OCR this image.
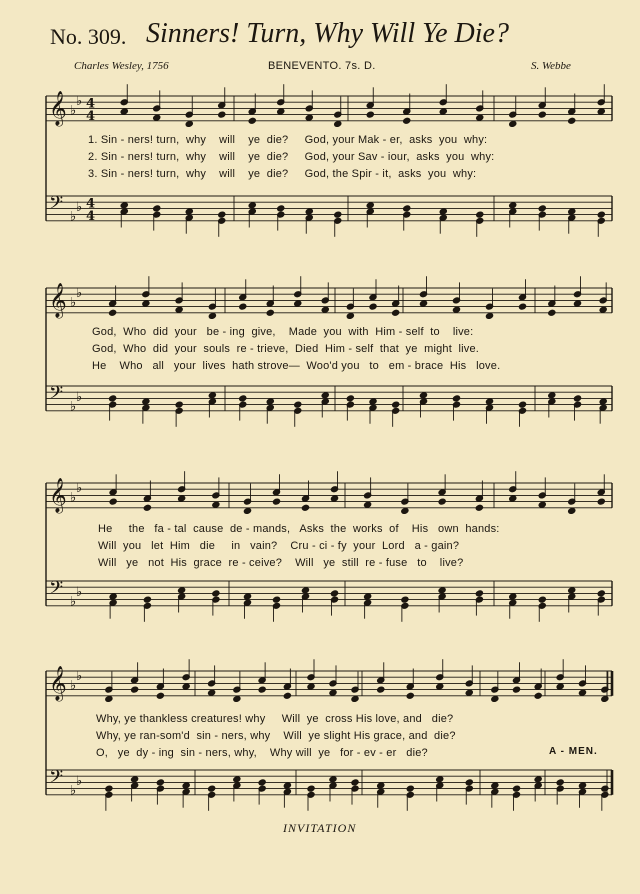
No. 309. Sinners! Turn, Why Will Ye Die?
Charles Wesley, 1756	BENEVENTO. 7s. D.	S. Webbe
𝄞
𝄢
♭
♭
♭
♭
4
4
4
4
𝄞
𝄢
♭
♭
♭
♭
𝄞
𝄢
♭
♭
♭
♭
𝄞
𝄢
♭
♭
♭
♭
1. Sin - ners! turn,  why    will    ye  die?     God, your Mak - er,  asks  you  why:
2. Sin - ners! turn,  why    will    ye  die?     God, your Sav - iour,  asks  you  why:
3. Sin - ners! turn,  why    will    ye  die?     God, the Spir - it,  asks  you  why:
God,  Who  did  your   be - ing  give,    Made  you  with  Him - self  to    live:
God,  Who  did  your  souls  re - trieve,  Died  Him - self  that  ye  might  live.
He    Who   all   your  lives  hath strove—  Woo'd you   to   em - brace  His   love.
He     the   fa - tal  cause  de - mands,   Asks  the  works  of    His   own  hands:
Will  you   let  Him   die     in   vain?    Cru - ci - fy  your  Lord   a - gain?
Will   ye   not  His  grace  re - ceive?    Will   ye  still  re - fuse   to    live?
Why, ye thankless creatures! why     Will  ye  cross His love, and   die?
Why, ye ran-som'd  sin - ners, why    Will  ye slight His grace, and  die?
O,   ye  dy - ing  sin - ners, why,    Why will  ye   for - ev - er   die?	A - MEN.
INVITATION
